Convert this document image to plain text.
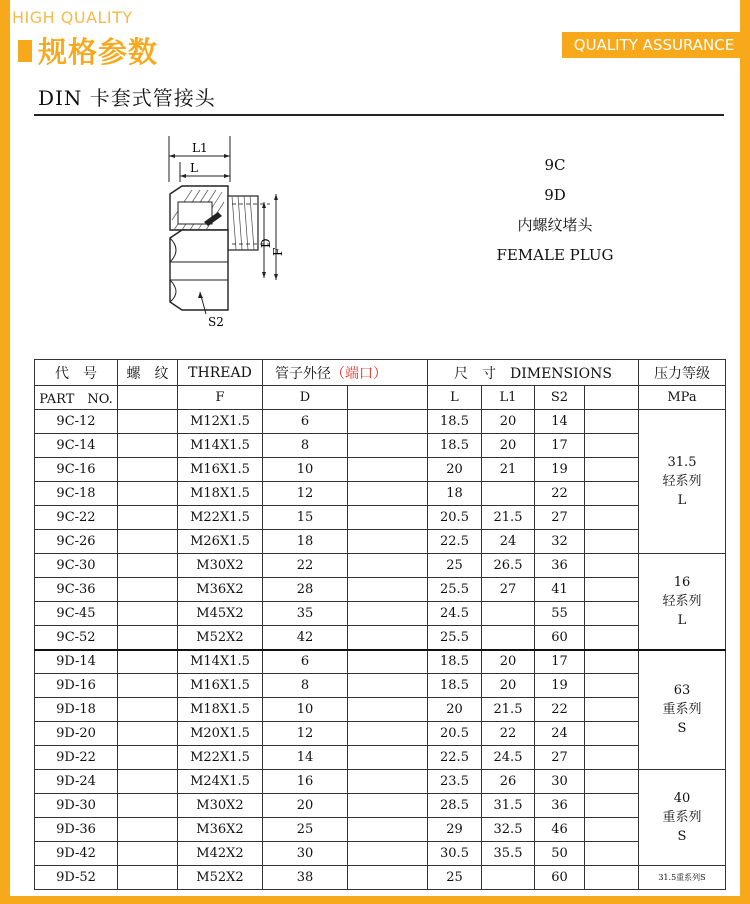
HIGH QUALITY
规格参数	QUALITY ASSURANCE
DIN 卡套式管接头
L1
L
D
F
S2
9C
9D
内螺纹堵头
FEMALE PLUG
代　号	螺　纹	THREAD	管子外径（端口）		尺　寸　DIMENSIONS				压力等级
PART　NO.		F	D		L	L1	S2		MPa
9C-12		M12X1.5	6		18.5	20	14		31.5
轻系列
L

9C-14		M14X1.5	8		18.5	20	17		
9C-16		M16X1.5	10		20	21	19		
9C-18		M18X1.5	12		18		22		
9C-22		M22X1.5	15		20.5	21.5	27		
9C-26		M26X1.5	18		22.5	24	32		
9C-30		M30X2	22		25	26.5	36		16
轻系列
L

9C-36		M36X2	28		25.5	27	41		
9C-45		M45X2	35		24.5		55		
9C-52		M52X2	42		25.5		60		
9D-14		M14X1.5	6		18.5	20	17		63
重系列
S

9D-16		M16X1.5	8		18.5	20	19		
9D-18		M18X1.5	10		20	21.5	22		
9D-20		M20X1.5	12		20.5	22	24		
9D-22		M22X1.5	14		22.5	24.5	27		
9D-24		M24X1.5	16		23.5	26	30		40
重系列
S

9D-30		M30X2	20		28.5	31.5	36		
9D-36		M36X2	25		29	32.5	46		
9D-42		M42X2	30		30.5	35.5	50		
9D-52		M52X2	38		25		60		31.5重系列S
